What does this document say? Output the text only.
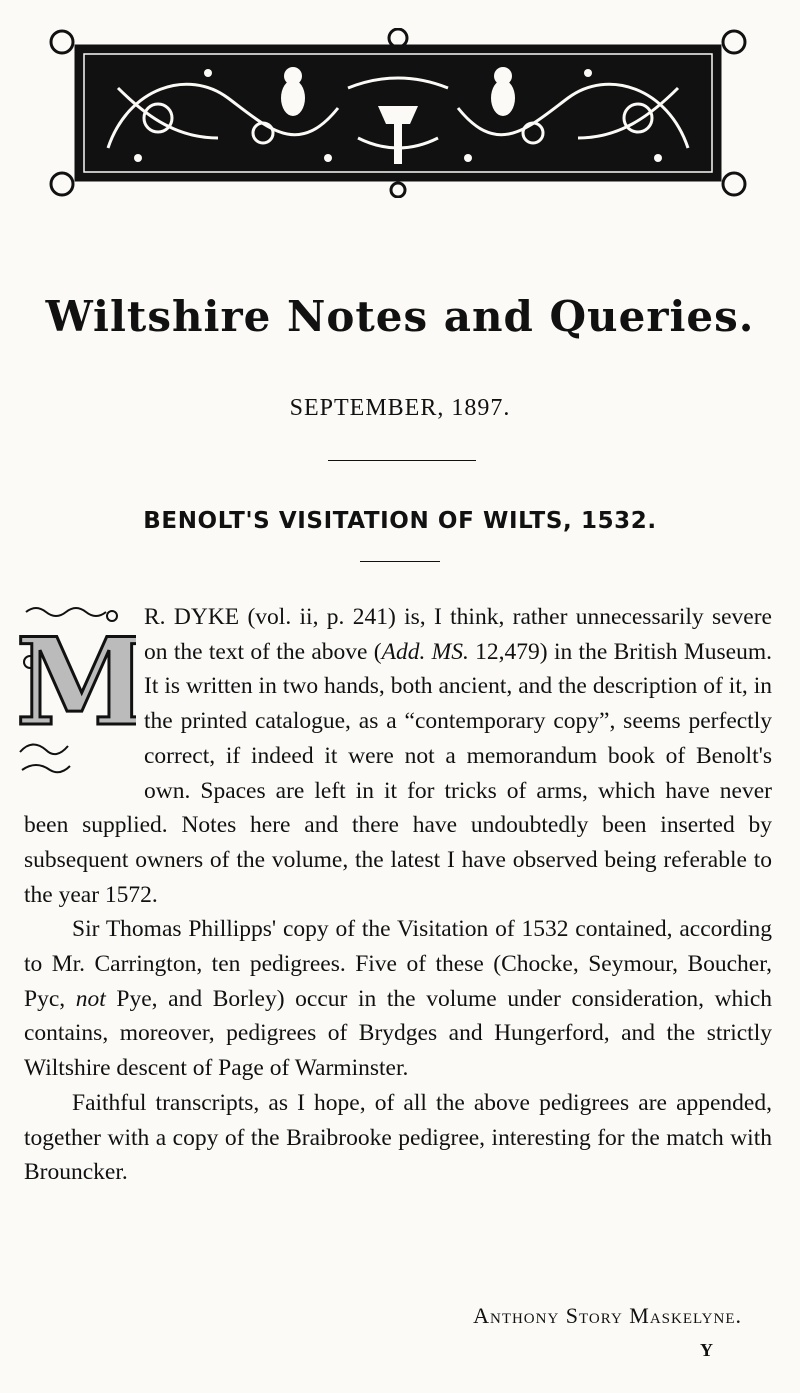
Wiltshire Notes and Queries.
SEPTEMBER, 1897.
BENOLT'S VISITATION OF WILTS, 1532.
M

R. DYKE (vol. ii, p. 241) is, I think, rather unnecessarily severe on the text of the above (Add. MS. 12,479) in the British Museum. It is written in two hands, both ancient, and the description of it, in the printed catalogue, as a “contemporary copy”, seems perfectly correct, if indeed it were not a memorandum book of Benolt's own. Spaces are left in it for tricks of arms, which have never been supplied. Notes here and there have undoubtedly been inserted by subsequent owners of the volume, the latest I have observed being referable to the year 1572.

Sir Thomas Phillipps' copy of the Visitation of 1532 contained, according to Mr. Carrington, ten pedigrees. Five of these (Chocke, Seymour, Boucher, Pyc, not Pye, and Borley) occur in the volume under consideration, which contains, moreover, pedigrees of Brydges and Hungerford, and the strictly Wiltshire descent of Page of Warminster.

Faithful transcripts, as I hope, of all the above pedigrees are appended, together with a copy of the Braibrooke pedigree, interesting for the match with Brouncker.

Anthony Story Maskelyne.
Y
